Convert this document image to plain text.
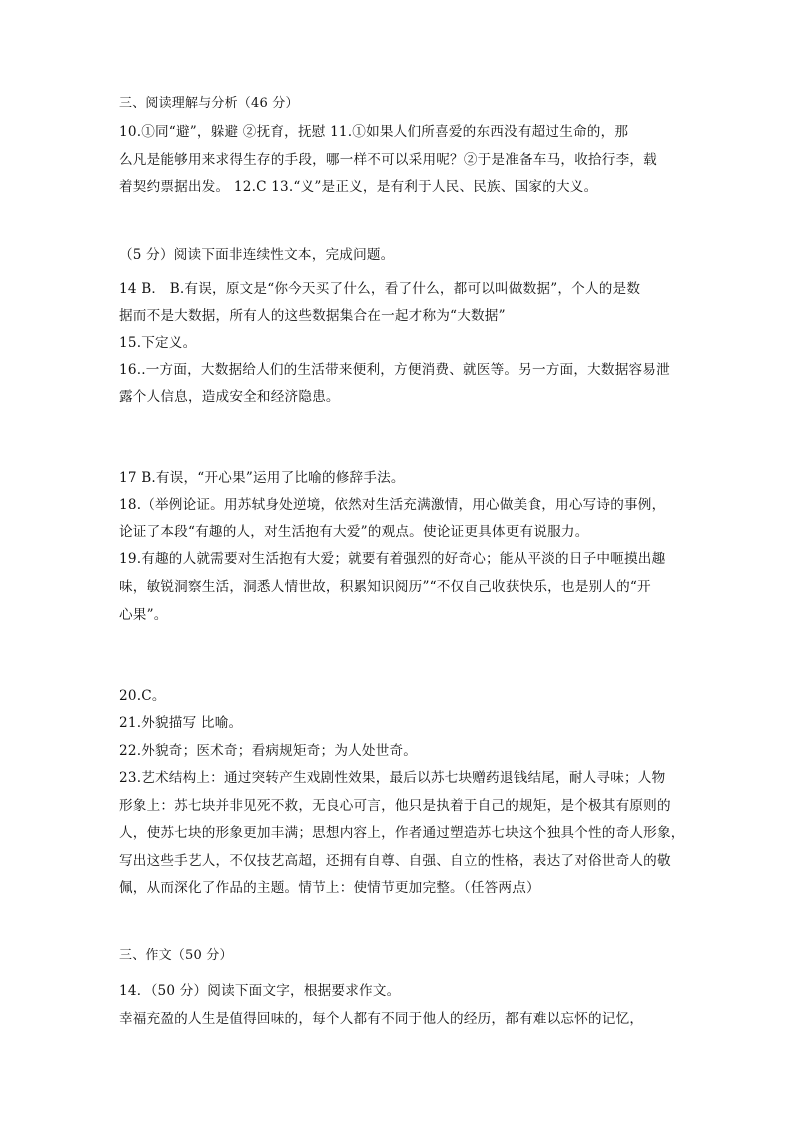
三、阅读理解与分析（46 分）
10.①同“避”，躲避 ②抚育，抚慰 11.①如果人们所喜爱的东西没有超过生命的，那
么凡是能够用来求得生存的手段，哪一样不可以采用呢？②于是准备车马，收拾行李，载
着契约票据出发。 12.C 13.“义”是正义，是有利于人民、民族、国家的大义。
（5 分）阅读下面非连续性文本，完成问题。
14 B． B.有误，原文是“你今天买了什么，看了什么，都可以叫做数据”，个人的是数
据而不是大数据，所有人的这些数据集合在一起才称为“大数据”
15.下定义。
16..一方面，大数据给人们的生活带来便利，方便消费、就医等。另一方面，大数据容易泄
露个人信息，造成安全和经济隐患。
17 B.有误，“开心果”运用了比喻的修辞手法。
18.（举例论证。用苏轼身处逆境，依然对生活充满激情，用心做美食，用心写诗的事例，
论证了本段“有趣的人，对生活抱有大爱”的观点。使论证更具体更有说服力。
19.有趣的人就需要对生活抱有大爱；就要有着强烈的好奇心；能从平淡的日子中咂摸出趣
味，敏锐洞察生活，洞悉人情世故，积累知识阅历”“不仅自己收获快乐，也是别人的“开
心果”。
20.C。
21.外貌描写 比喻。
22.外貌奇；医术奇；看病规矩奇；为人处世奇。
23.艺术结构上：通过突转产生戏剧性效果，最后以苏七块赠药退钱结尾，耐人寻味；人物
形象上：苏七块并非见死不救，无良心可言，他只是执着于自己的规矩，是个极其有原则的
人，使苏七块的形象更加丰满；思想内容上，作者通过塑造苏七块这个独具个性的奇人形象，
写出这些手艺人，不仅技艺高超，还拥有自尊、自强、自立的性格，表达了对俗世奇人的敬
佩，从而深化了作品的主题。情节上：使情节更加完整。（任答两点）
三、作文（50 分）
14．（50 分）阅读下面文字，根据要求作文。
幸福充盈的人生是值得回味的，每个人都有不同于他人的经历，都有难以忘怀的记忆，
